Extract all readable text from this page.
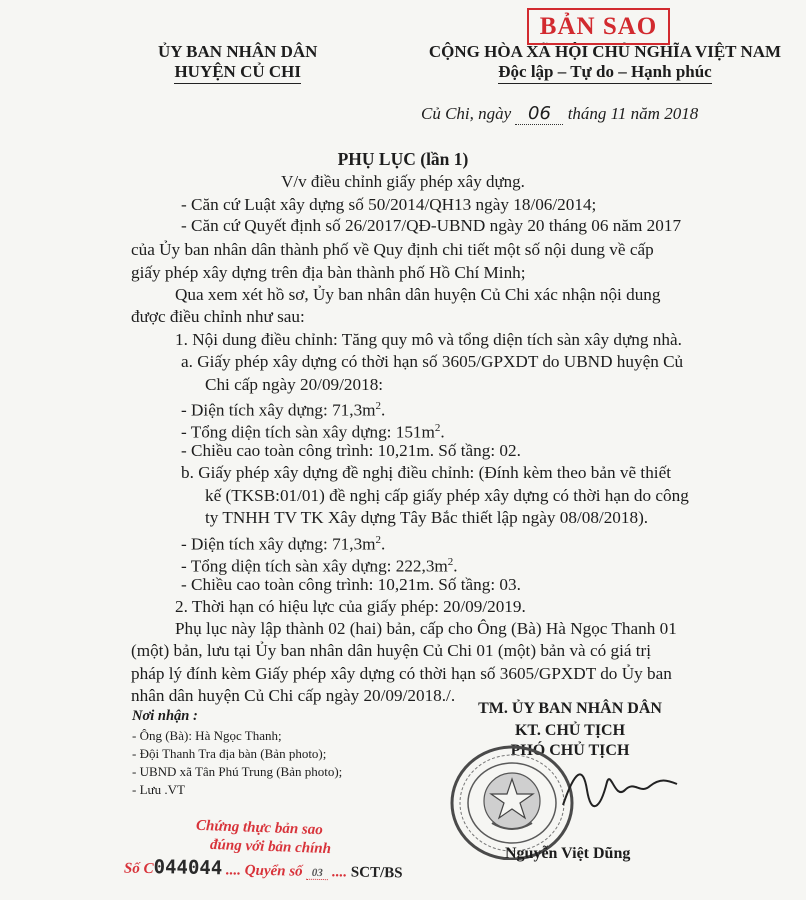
ỦY BAN NHÂN DÂN
HUYỆN CỦ CHI
CỘNG HÒA XÃ HỘI CHỦ NGHĨA VIỆT NAM
Độc lập – Tự do – Hạnh phúc
BẢN SAO
Củ Chi, ngày 06 tháng 11 năm 2018
PHỤ LỤC (lần 1)
V/v điều chỉnh giấy phép xây dựng.
- Căn cứ Luật xây dựng số 50/2014/QH13 ngày 18/06/2014;
- Căn cứ Quyết định số 26/2017/QĐ-UBND ngày 20 tháng 06 năm 2017
của Ủy ban nhân dân thành phố về Quy định chi tiết một số nội dung về cấp
giấy phép xây dựng trên địa bàn thành phố Hồ Chí Minh;
Qua xem xét hồ sơ, Ủy ban nhân dân huyện Củ Chi xác nhận nội dung
được điều chỉnh như sau:
1. Nội dung điều chỉnh: Tăng quy mô và tổng diện tích sàn xây dựng nhà.
a. Giấy phép xây dựng có thời hạn số 3605/GPXDT do UBND huyện Củ
Chi cấp ngày 20/09/2018:
- Diện tích xây dựng: $71,3m^2$.
- Tổng diện tích sàn xây dựng: $151m^2$.
- Chiều cao toàn công trình: 10,21m. Số tầng: 02.
b. Giấy phép xây dựng đề nghị điều chỉnh: (Đính kèm theo bản vẽ thiết
kế (TKSB:01/01) đề nghị cấp giấy phép xây dựng có thời hạn do công
ty TNHH TV TK Xây dựng Tây Bắc thiết lập ngày 08/08/2018).
- Diện tích xây dựng: $71,3m^2$.
- Tổng diện tích sàn xây dựng: $222,3m^2$.
- Chiều cao toàn công trình: 10,21m. Số tầng: 03.
2. Thời hạn có hiệu lực của giấy phép: 20/09/2019.
Phụ lục này lập thành 02 (hai) bản, cấp cho Ông (Bà) Hà Ngọc Thanh 01
(một) bản, lưu tại Ủy ban nhân dân huyện Củ Chi 01 (một) bản và có giá trị
pháp lý đính kèm Giấy phép xây dựng có thời hạn số 3605/GPXDT do Ủy ban
nhân dân huyện Củ Chi cấp ngày 20/09/2018./.
Nơi nhận :
- Ông (Bà): Hà Ngọc Thanh;
- Đội Thanh Tra địa bàn (Bản photo);
- UBND xã Tân Phú Trung (Bản photo);
- Lưu .VT
TM. ỦY BAN NHÂN DÂN
KT. CHỦ TỊCH
PHÓ CHỦ TỊCH
Nguyễn Việt Dũng
Chứng thực bản sao
đúng với bản chính
Số C044044 .... Quyển số 03 .... SCT/BS
